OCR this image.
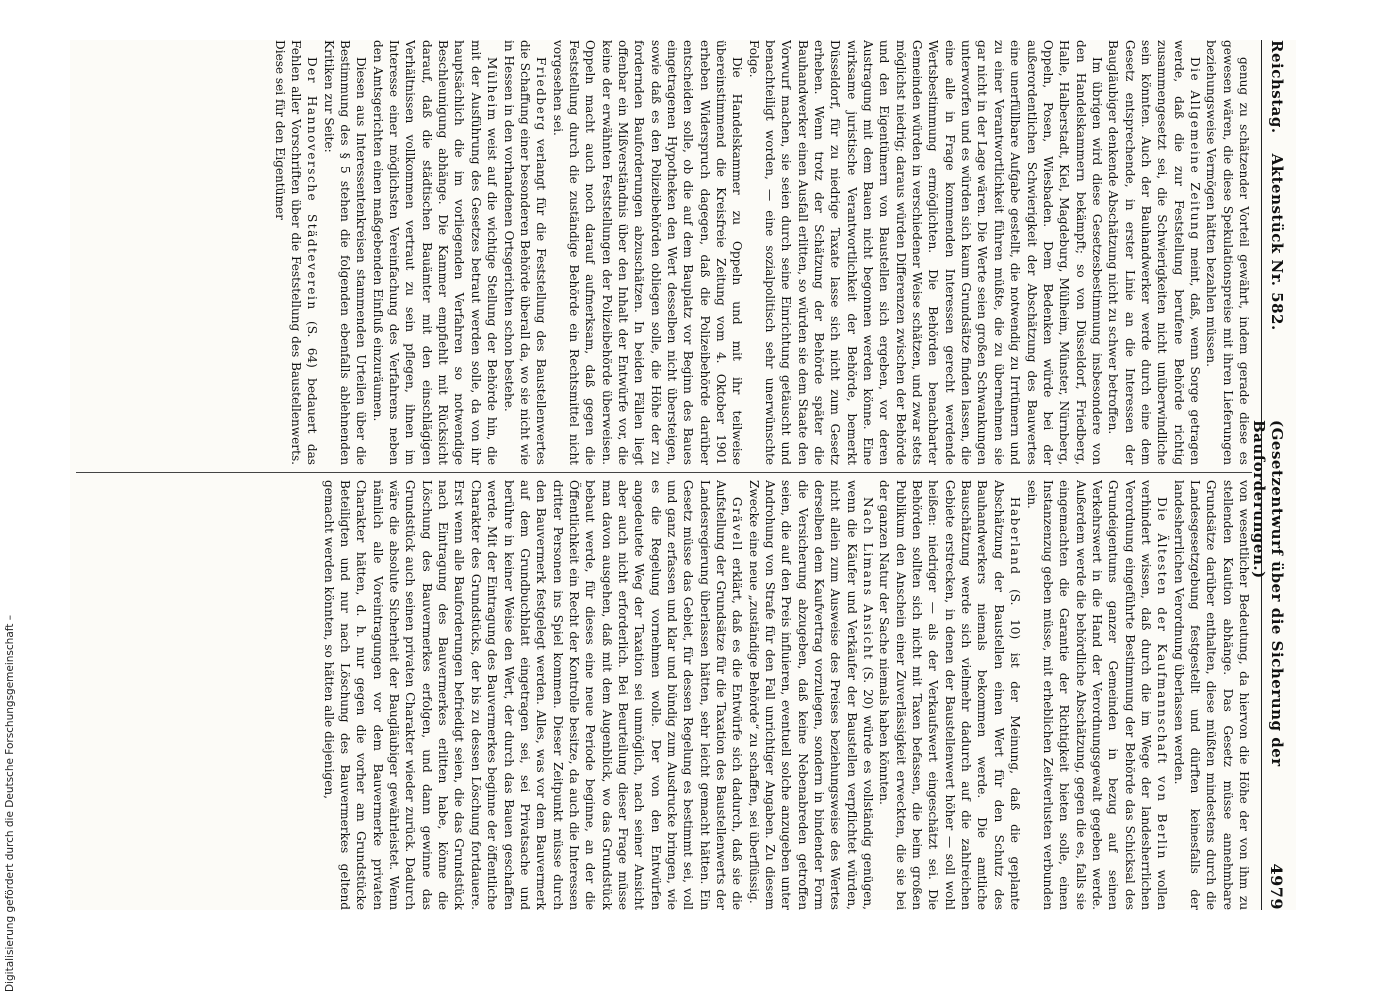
Reichstag.Aktenstück Nr. 582.
(Gesetzentwurf über die Sicherung der Bauforderungen.)
4979

genug zu schätzender Vorteil gewährt, indem gerade diese es gewesen wären, die diese Spekulationspreise mit ihren Lieferungen beziehungsweise Vermögen hätten bezahlen müssen.

Die Allgemeine Zeitung meint, daß, wenn Sorge getragen werde, daß die zur Feststellung berufene Behörde richtig zusammengesetzt sei, die Schwierigkeiten nicht unüberwindliche sein könnten. Auch der Bauhandwerker werde durch eine dem Gesetz entsprechende, in erster Linie an die Interessen der Baugläubiger denkende Abschätzung nicht zu schwer betroffen.

Im übrigen wird diese Gesetzesbestimmung insbesondere von den Handelskammern bekämpft; so von Düsseldorf, Friedberg, Halle, Halberstadt, Kiel, Magdeburg, Mülheim, Münster, Nürnberg, Oppeln, Posen, Wiesbaden. Dem Bedenken würde bei der außerordentlichen Schwierigkeit der Abschätzung des Bauwertes eine unerfüllbare Aufgabe gestellt, die notwendig zu Irrtümern und zu einer Verantwortlichkeit führen müßte, die zu übernehmen sie gar nicht in der Lage wären. Die Werte seien großen Schwankungen unterworfen und es würden sich kaum Grundsätze finden lassen, die eine alle in Frage kommenden Interessen gerecht werdende Wertsbestimmung ermöglichten. Die Behörden benachbarter Gemeinden würden in verschiedener Weise schätzen, und zwar stets möglichst niedrig; daraus würden Differenzen zwischen der Behörde und den Eigentümern von Baustellen sich ergeben, vor deren Austragung mit dem Bauen nicht begonnen werden könne. Eine wirksame juristische Verantwortlichkeit der Behörde, bemerkt Düsseldorf, für zu niedrige Taxate lasse sich nicht zum Gesetz erheben. Wenn trotz der Schätzung der Behörde später die Bauhandwerker einen Ausfall erlitten, so würden sie dem Staate den Vorwurf machen, sie seien durch seine Einrichtung getäuscht und benachteiligt worden, — eine sozialpolitisch sehr unerwünschte Folge.

Die Handelskammer zu Oppeln und mit ihr teilweise übereinstimmend die Kreisfreie Zeitung vom 4. Oktober 1901 erheben Widerspruch dagegen, daß die Polizeibehörde darüber entscheiden solle, ob die auf dem Bauplatz vor Beginn des Baues eingetragenen Hypotheken den Wert desselben nicht übersteigen, sowie daß es den Polizeibehörden obliegen solle, die Höhe der zu fordernden Bauforderungen abzuschätzen. In beiden Fällen liegt offenbar ein Mißverständnis über den Inhalt der Entwürfe vor, die keine der erwähnten Feststellungen der Polizeibehörde überweisen. Oppeln macht auch noch darauf aufmerksam, daß gegen die Feststellung durch die zuständige Behörde ein Rechtsmittel nicht vorgesehen sei.

Friedberg verlangt für die Feststellung des Baustellenwertes die Schaffung einer besonderen Behörde überall da, wo sie nicht wie in Hessen in den vorhandenen Ortsgerichten schon bestehe.

Mülheim weist auf die wichtige Stellung der Behörde hin, die mit der Ausführung des Gesetzes betraut werden solle, da von ihr hauptsächlich die im vorliegenden Verfahren so notwendige Beschleunigung abhänge. Die Kammer empfiehlt mit Rücksicht darauf, daß die städtischen Bauämter mit den einschlägigen Verhältnissen vollkommen vertraut zu sein pflegen, ihnen im Interesse einer möglichsten Vereinfachung des Verfahrens neben den Amtsgerichten einen maßgebenden Einfluß einzuräumen.

Diesen aus Interessentenkreisen stammenden Urteilen über die Bestimmung des § 5 stehen die folgenden ebenfalls ablehnenden Kritiken zur Seite:

Der Hannoversche Städteverein (S. 64) bedauert das Fehlen aller Vorschriften über die Feststellung des Baustellenwerts. Diese sei für den Eigentümer

von wesentlicher Bedeutung, da hiervon die Höhe der von ihm zu stellenden Kaution abhänge. Das Gesetz müsse annehmbare Grundsätze darüber enthalten, diese müßten mindestens durch die Landesgesetzgebung festgestellt und dürften keinesfalls der landesherrlichen Verordnung überlassen werden.

Die Ältesten der Kaufmannschaft von Berlin wollen verhindert wissen, daß durch die im Wege der landesherrlichen Verordnung eingeführte Bestimmung der Behörde das Schicksal des Grundeigentums ganzer Gemeinden in bezug auf seinen Verkehrswert in die Hand der Verordnungsgewalt gegeben werde. Außerdem werde die behördliche Abschätzung, gegen die es, falls sie eingemachten die Garantie der Richtigkeit bieten solle, einen Instanzenzug geben müsse, mit erheblichen Zeitverlusten verbunden sein.

Haberland (S. 10) ist der Meinung, daß die geplante Abschätzung der Baustellen einen Wert für den Schutz des Bauhandwerkers niemals bekommen werde. Die amtliche Bauschätzung werde sich vielmehr dadurch auf die zahlreichen Gebiete erstrecken, in denen der Baustellenwert höher — soll wohl heißen: niedriger — als der Verkaufswert eingeschätzt sei. Die Behörden sollten sich nicht mit Taxen befassen, die beim großen Publikum den Anschein einer Zuverlässigkeit erweckten, die sie bei der ganzen Natur der Sache niemals haben könnten.

Nach Limans Ansicht (S. 20) würde es vollständig genügen, wenn die Käufer und Verkäufer der Baustellen verpflichtet würden, nicht allein zum Ausweise des Preises beziehungsweise des Wertes derselben dem Kaufvertrag vorzulegen, sondern in bindender Form die Versicherung abzugeben, daß keine Nebenabreden getroffen seien, die auf den Preis influieren, eventuell solche anzugeben unter Androhung von Strafe für den Fall unrichtiger Angaben. Zu diesem Zwecke eine neue „zuständige Behörde“ zu schaffen, sei überflüssig.

Grävell erklärt, daß es die Entwürfe sich dadurch, daß sie die Aufstellung der Grundsätze für die Taxation des Baustellenwerts der Landesregierung überlassen hätten, sehr leicht gemacht hätten. Ein Gesetz müsse das Gebiet, für dessen Regelung es bestimmt sei, voll und ganz erfassen und klar und bündig zum Ausdrucke bringen, wie es die Regelung vornehmen wolle. Der von den Entwürfen angedeutete Weg der Taxation sei unmöglich, nach seiner Ansicht aber auch nicht erforderlich. Bei Beurteilung dieser Frage müsse man davon ausgehen, daß mit dem Augenblick, wo das Grundstück bebaut werde, für dieses eine neue Periode beginne, an der die Öffentlichkeit ein Recht der Kontrolle besitze, da auch die Interessen dritter Personen ins Spiel kommen. Dieser Zeitpunkt müsse durch den Bauvermerk festgelegt werden. Alles, was vor dem Bauvermerk auf dem Grundbuchblatt eingetragen sei, sei Privatsache und berühre in keiner Weise den Wert, der durch das Bauen geschaffen werde. Mit der Eintragung des Bauvermerkes beginne der öffentliche Charakter des Grundstücks, der bis zu dessen Löschung fortdauere. Erst wenn alle Bauforderungen befriedigt seien, die das Grundstück nach Eintragung des Bauvermerkes erlitten habe, könne die Löschung des Bauvermerkes erfolgen, und dann gewinne das Grundstück auch seinen privaten Charakter wieder zurück. Dadurch wäre die absolute Sicherheit der Baugläubiger gewährleistet. Wenn nämlich alle Vorеintragungen vor dem Bauvermerke privaten Charakter hätten, d. h. nur gegen die vorher am Grundstücke Beteiligten und nur nach Löschung des Bauvermerkes geltend gemacht werden könnten, so hätten alle diejenigen,

Digitalisierung gefördert durch die Deutsche Forschungsgemeinschaft –
